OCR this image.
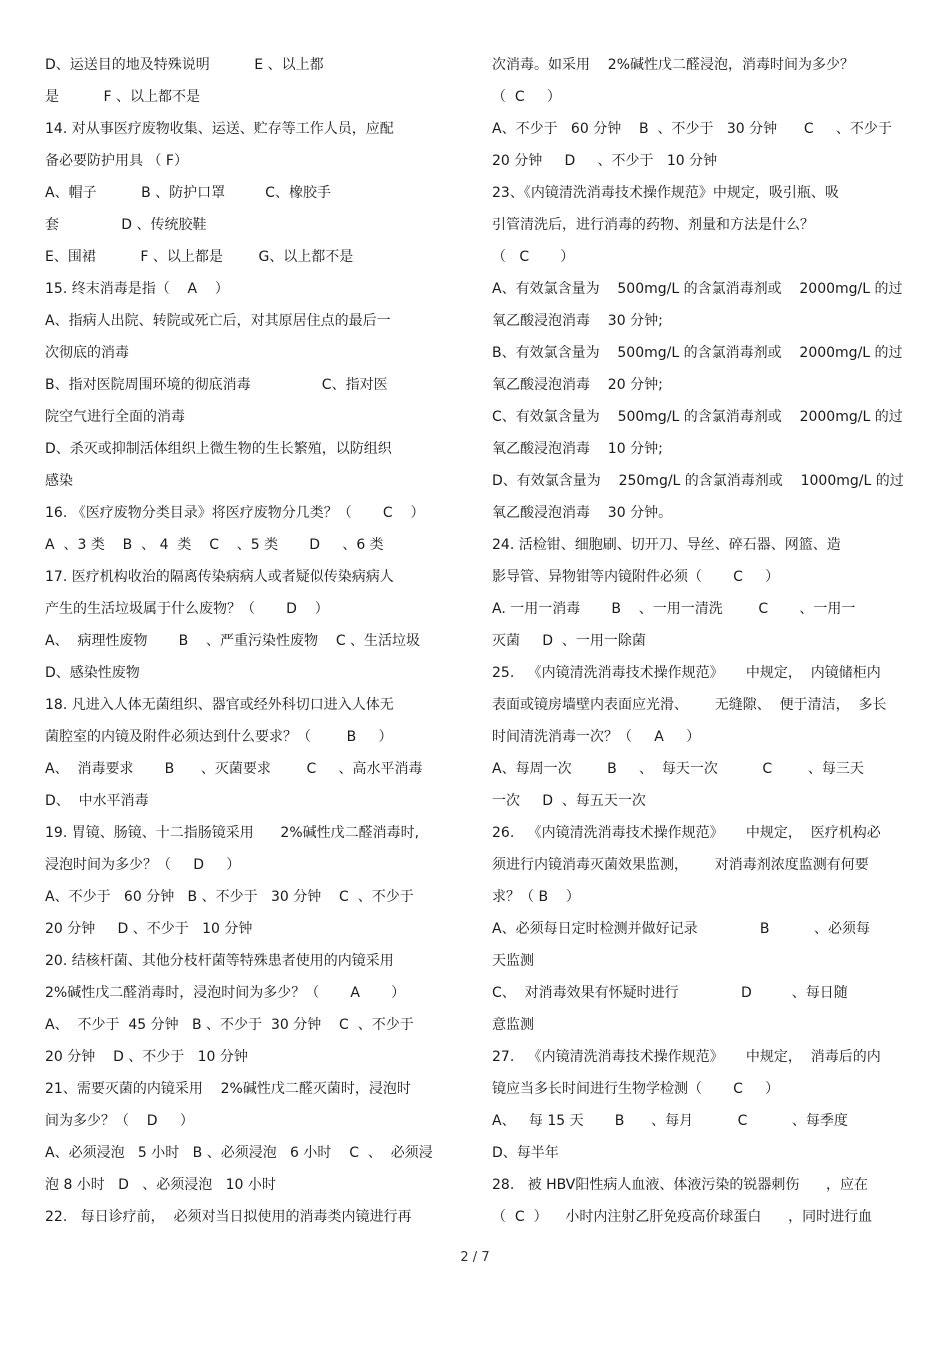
D、运送目的地及特殊说明          E 、以上都
是          F 、以上都不是
14. 对从事医疗废物收集、运送、贮存等工作人员，应配
备必要防护用具 （ F）
A、帽子          B 、防护口罩         C、橡胶手
套              D 、传统胶鞋
E、围裙          F 、以上都是        G、以上都不是
15. 终末消毒是指（    A    ）
A、指病人出院、转院或死亡后，对其原居住点的最后一
次彻底的消毒
B、指对医院周围环境的彻底消毒                C、指对医
院空气进行全面的消毒
D、杀灭或抑制活体组织上微生物的生长繁殖，以防组织
感染
16. 《医疗废物分类目录》将医疗废物分几类？（       C    ）
A  、3 类    B  、 4  类    C    、5 类       D     、6 类
17. 医疗机构收治的隔离传染病病人或者疑似传染病病人
产生的生活垃圾属于什么废物？（       D    ）
A、  病理性废物       B    、严重污染性废物    C 、生活垃圾
D、感染性废物
18. 凡进入人体无菌组织、器官或经外科切口进入人体无
菌腔室的内镜及附件必须达到什么要求？（        B     ）
A、  消毒要求       B      、灭菌要求        C     、高水平消毒
D、  中水平消毒
19. 胃镜、肠镜、十二指肠镜采用      2%碱性戊二醛消毒时,
浸泡时间为多少？（     D     ）
A、不少于   60 分钟   B 、不少于   30 分钟    C  、不少于
20 分钟     D 、不少于   10 分钟
20. 结核杆菌、其他分枝杆菌等特殊患者使用的内镜采用
2%碱性戊二醛消毒时，浸泡时间为多少？（       A       ）
A、  不少于  45 分钟   B 、不少于  30 分钟    C  、不少于
20 分钟    D 、不少于   10 分钟
21、需要灭菌的内镜采用    2%碱性戊二醛灭菌时，浸泡时
间为多少？（    D     ）
A、必须浸泡   5 小时   B 、必须浸泡   6 小时    C  、  必须浸
泡 8 小时   D   、必须浸泡   10 小时
22.   每日诊疗前，  必须对当日拟使用的消毒类内镜进行再
次消毒。如采用    2%碱性戊二醛浸泡，消毒时间为多少？
（  C     ）
A、不少于   60 分钟    B  、不少于   30 分钟      C     、不少于
20 分钟     D     、不少于   10 分钟
23、《内镜清洗消毒技术操作规范》中规定，吸引瓶、吸
引管清洗后，进行消毒的药物、剂量和方法是什么？
（   C       ）
A、有效氯含量为    500mg/L 的含氯消毒剂或    2000mg/L 的过
氧乙酸浸泡消毒    30 分钟;
B、有效氯含量为    500mg/L 的含氯消毒剂或    2000mg/L 的过
氧乙酸浸泡消毒    20 分钟;
C、有效氯含量为    500mg/L 的含氯消毒剂或    2000mg/L 的过
氧乙酸浸泡消毒    10 分钟;
D、有效氯含量为    250mg/L 的含氯消毒剂或    1000mg/L 的过
氧乙酸浸泡消毒    30 分钟。
24. 活检钳、细胞刷、切开刀、导丝、碎石器、网篮、造
影导管、异物钳等内镜附件必须（       C     ）
A. 一用一消毒       B    、一用一清洗        C       、一用一
灭菌     D  、一用一除菌
25.   《内镜清洗消毒技术操作规范》     中规定，  内镜储柜内
表面或镜房墙壁内表面应光滑、      无缝隙、  便于清洁，  多长
时间清洗消毒一次？（     A     ）
A、每周一次        B     、  每天一次          C        、每三天
一次     D  、每五天一次
26.   《内镜清洗消毒技术操作规范》     中规定，  医疗机构必
须进行内镜消毒灭菌效果监测，      对消毒剂浓度监测有何要
求？（ B    ）
A、必须每日定时检测并做好记录              B          、必须每
天监测
C、  对消毒效果有怀疑时进行              D         、每日随
意监测
27.   《内镜清洗消毒技术操作规范》     中规定，  消毒后的内
镜应当多长时间进行生物学检测（       C     ）
A、   每 15 天       B      、每月          C          、每季度
D、每半年
28.   被 HBV阳性病人血液、体液污染的锐器刺伤      ，应在
（  C  ）    小时内注射乙肝免疫高价球蛋白      ，同时进行血
2 / 7
